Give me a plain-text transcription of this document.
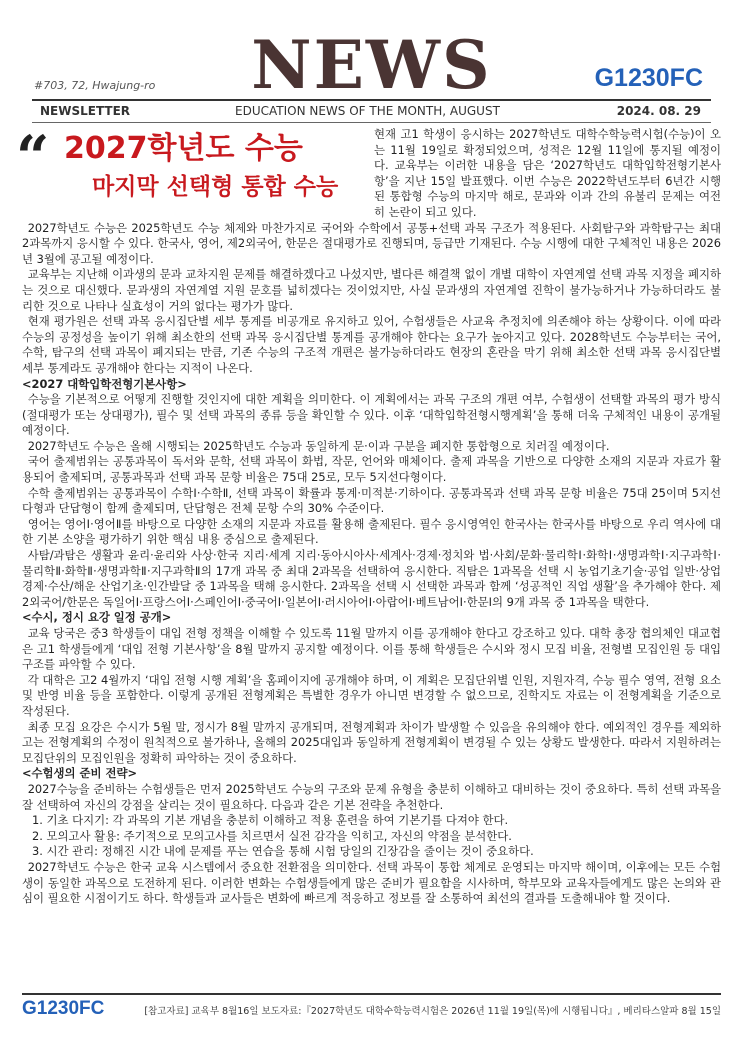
#703, 72, Hwajung-ro	NEWS	G1230FC
NEWSLETTER	EDUCATION NEWS OF THE MONTH, AUGUST	2024. 08. 29
“ 2027학년도 수능
마지막 선택형 통합 수능

현재 고1 학생이 응시하는 2027학년도 대학수학능력시험(수능)이 오는 11월 19일로 확정되었으며, 성적은 12월 11일에 통지될 예정이다. 교육부는 이러한 내용을 담은 ‘2027학년도 대학입학전형기본사항’을 지난 15일 발표했다. 이번 수능은 2022학년도부터 6년간 시행된 통합형 수능의 마지막 해로, 문과와 이과 간의 유불리 문제는 여전히 논란이 되고 있다.

2027학년도 수능은 2025학년도 수능 체제와 마찬가지로 국어와 수학에서 공통+선택 과목 구조가 적용된다. 사회탐구와 과학탐구는 최대 2과목까지 응시할 수 있다. 한국사, 영어, 제2외국어, 한문은 절대평가로 진행되며, 등급만 기재된다. 수능 시행에 대한 구체적인 내용은 2026년 3월에 공고될 예정이다.

교육부는 지난해 이과생의 문과 교차지원 문제를 해결하겠다고 나섰지만, 별다른 해결책 없이 개별 대학이 자연계열 선택 과목 지정을 폐지하는 것으로 대신했다. 문과생의 자연계열 지원 문호를 넓히겠다는 것이었지만, 사실 문과생의 자연계열 진학이 불가능하거나 가능하더라도 불리한 것으로 나타나 실효성이 거의 없다는 평가가 많다.

현재 평가원은 선택 과목 응시집단별 세부 통계를 비공개로 유지하고 있어, 수험생들은 사교육 추정치에 의존해야 하는 상황이다. 이에 따라 수능의 공정성을 높이기 위해 최소한의 선택 과목 응시집단별 통계를 공개해야 한다는 요구가 높아지고 있다. 2028학년도 수능부터는 국어, 수학, 탐구의 선택 과목이 폐지되는 만큼, 기존 수능의 구조적 개편은 불가능하더라도 현장의 혼란을 막기 위해 최소한 선택 과목 응시집단별 세부 통계라도 공개해야 한다는 지적이 나온다.

<2027 대학입학전형기본사항>

수능을 기본적으로 어떻게 진행할 것인지에 대한 계획을 의미한다. 이 계획에서는 과목 구조의 개편 여부, 수험생이 선택할 과목의 평가 방식(절대평가 또는 상대평가), 필수 및 선택 과목의 종류 등을 확인할 수 있다. 이후 ‘대학입학전형시행계획’을 통해 더욱 구체적인 내용이 공개될 예정이다.

2027학년도 수능은 올해 시행되는 2025학년도 수능과 동일하게 문·이과 구분을 폐지한 통합형으로 치러질 예정이다.

국어 출제범위는 공통과목이 독서와 문학, 선택 과목이 화법, 작문, 언어와 매체이다. 출제 과목을 기반으로 다양한 소재의 지문과 자료가 활용되어 출제되며, 공통과목과 선택 과목 문항 비율은 75대 25로, 모두 5지선다형이다.

수학 출제범위는 공통과목이 수학Ⅰ·수학Ⅱ, 선택 과목이 확률과 통계·미적분·기하이다. 공통과목과 선택 과목 문항 비율은 75대 25이며 5지선다형과 단답형이 함께 출제되며, 단답형은 전체 문항 수의 30% 수준이다.

영어는 영어Ⅰ·영어Ⅱ를 바탕으로 다양한 소재의 지문과 자료를 활용해 출제된다. 필수 응시영역인 한국사는 한국사를 바탕으로 우리 역사에 대한 기본 소양을 평가하기 위한 핵심 내용 중심으로 출제된다.

사탐/과탐은 생활과 윤리·윤리와 사상·한국 지리·세계 지리·동아시아사·세계사·경제·정치와 법·사회/문화·물리학Ⅰ·화학Ⅰ·생명과학Ⅰ·지구과학Ⅰ·물리학Ⅱ·화학Ⅱ·생명과학Ⅱ·지구과학Ⅱ의 17개 과목 중 최대 2과목을 선택하여 응시한다. 직탐은 1과목을 선택 시 농업기초기술·공업 일반·상업경제·수산/해운 산업기초·인간발달 중 1과목을 택해 응시한다. 2과목을 선택 시 선택한 과목과 함께 ‘성공적인 직업 생활’을 추가해야 한다. 제2외국어/한문은 독일어Ⅰ·프랑스어Ⅰ·스페인어Ⅰ·중국어Ⅰ·일본어Ⅰ·러시아어Ⅰ·아랍어Ⅰ·베트남어Ⅰ·한문Ⅰ의 9개 과목 중 1과목을 택한다.

<수시, 정시 요강 일정 공개>

교육 당국은 중3 학생들이 대입 전형 정책을 이해할 수 있도록 11월 말까지 이를 공개해야 한다고 강조하고 있다. 대학 총장 협의체인 대교협은 고1 학생들에게 ‘대입 전형 기본사항’을 8월 말까지 공지할 예정이다. 이를 통해 학생들은 수시와 정시 모집 비율, 전형별 모집인원 등 대입 구조를 파악할 수 있다.

각 대학은 고2 4월까지 ‘대입 전형 시행 계획’을 홈페이지에 공개해야 하며, 이 계획은 모집단위별 인원, 지원자격, 수능 필수 영역, 전형 요소 및 반영 비율 등을 포함한다. 이렇게 공개된 전형계획은 특별한 경우가 아니면 변경할 수 없으므로, 진학지도 자료는 이 전형계획을 기준으로 작성된다.

최종 모집 요강은 수시가 5월 말, 정시가 8월 말까지 공개되며, 전형계획과 차이가 발생할 수 있음을 유의해야 한다. 예외적인 경우를 제외하고는 전형계획의 수정이 원칙적으로 불가하나, 올해의 2025대입과 동일하게 전형계획이 변경될 수 있는 상황도 발생한다. 따라서 지원하려는 모집단위의 모집인원을 정확히 파악하는 것이 중요하다.

<수험생의 준비 전략>

2027수능을 준비하는 수험생들은 먼저 2025학년도 수능의 구조와 문제 유형을 충분히 이해하고 대비하는 것이 중요하다. 특히 선택 과목을 잘 선택하여 자신의 강점을 살리는 것이 필요하다. 다음과 같은 기본 전략을 추천한다.

1. 기초 다지기: 각 과목의 기본 개념을 충분히 이해하고 적용 훈련을 하여 기본기를 다져야 한다.

2. 모의고사 활용: 주기적으로 모의고사를 치르면서 실전 감각을 익히고, 자신의 약점을 분석한다.

3. 시간 관리: 정해진 시간 내에 문제를 푸는 연습을 통해 시험 당일의 긴장감을 줄이는 것이 중요하다.

2027학년도 수능은 한국 교육 시스템에서 중요한 전환점을 의미한다. 선택 과목이 통합 체계로 운영되는 마지막 해이며, 이후에는 모든 수험생이 동일한 과목으로 도전하게 된다. 이러한 변화는 수험생들에게 많은 준비가 필요함을 시사하며, 학부모와 교육자들에게도 많은 논의와 관심이 필요한 시점이기도 하다. 학생들과 교사들은 변화에 빠르게 적응하고 정보를 잘 소통하여 최선의 결과를 도출해내야 할 것이다.

G1230FC	[참고자료] 교육부 8월16일 보도자료:『2027학년도 대학수학능력시험은 2026년 11월 19일(목)에 시행됩니다』, 베리타스알파 8월 15일
